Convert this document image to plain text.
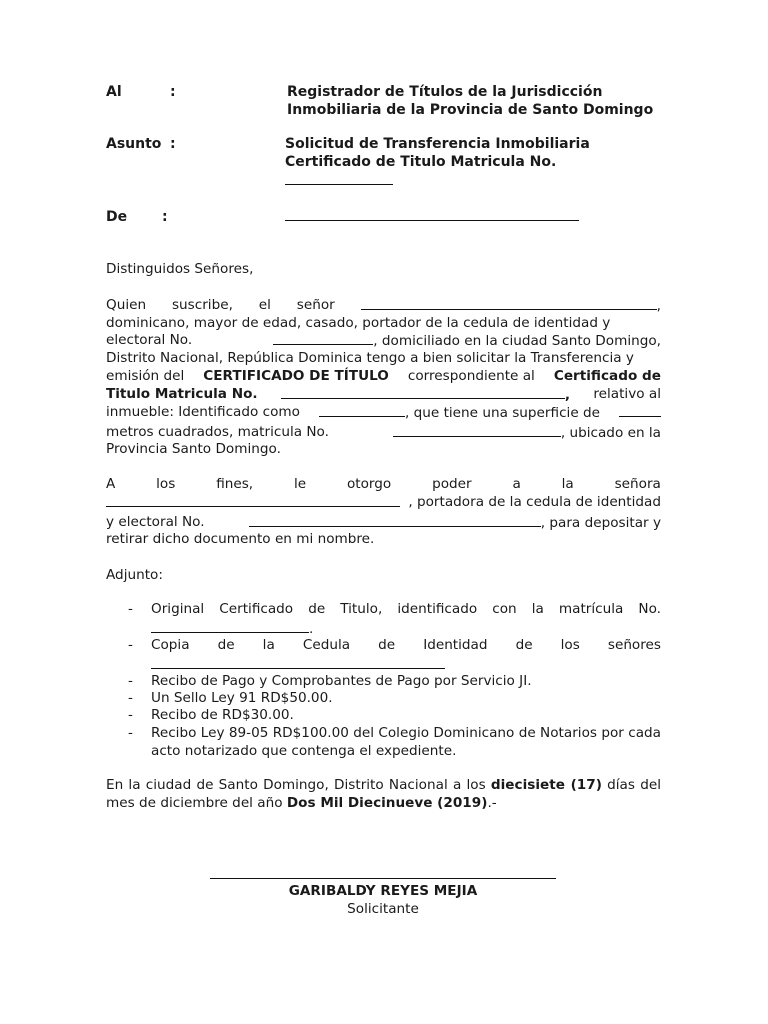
Al	:	Registrador de Títulos de la Jurisdicción
Inmobiliaria de la Provincia de Santo Domingo
Asunto :	Solicitud de Transferencia Inmobiliaria
Certificado de Titulo Matricula No.
De :
Distinguidos Señores,
Quien suscribe, el señor	,
dominicano, mayor de edad, casado, portador de la cedula de identidad y
electoral No.	, domiciliado en la ciudad Santo Domingo,
Distrito Nacional, República Dominica tengo a bien solicitar la Transferencia y
emisión del CERTIFICADO DE TÍTULO correspondiente al Certificado de
Titulo Matricula No.	, relativo al
inmueble: Identificado como	, que tiene una superficie de
metros cuadrados, matricula No.	, ubicado en la
Provincia Santo Domingo.
A	los	fines,	le	otorgo	poder	a	la	señora
, portadora de la cedula de identidad
y electoral No.	, para depositar y
retirar dicho documento en mi nombre.
Adjunto:
-	Original Certificado de Titulo, identificado con la matrícula No.
.
-	Copia de la Cedula de Identidad de los señores
-	Recibo de Pago y Comprobantes de Pago por Servicio JI.
-	Un Sello Ley 91 RD$50.00.
-	Recibo de RD$30.00.
-	Recibo Ley 89-05 RD$100.00 del Colegio Dominicano de Notarios por cada acto notarizado que contenga el expediente.
En la ciudad de Santo Domingo, Distrito Nacional a los diecisiete (17) días del mes de diciembre del año Dos Mil Diecinueve (2019).-
GARIBALDY REYES MEJIA
Solicitante
